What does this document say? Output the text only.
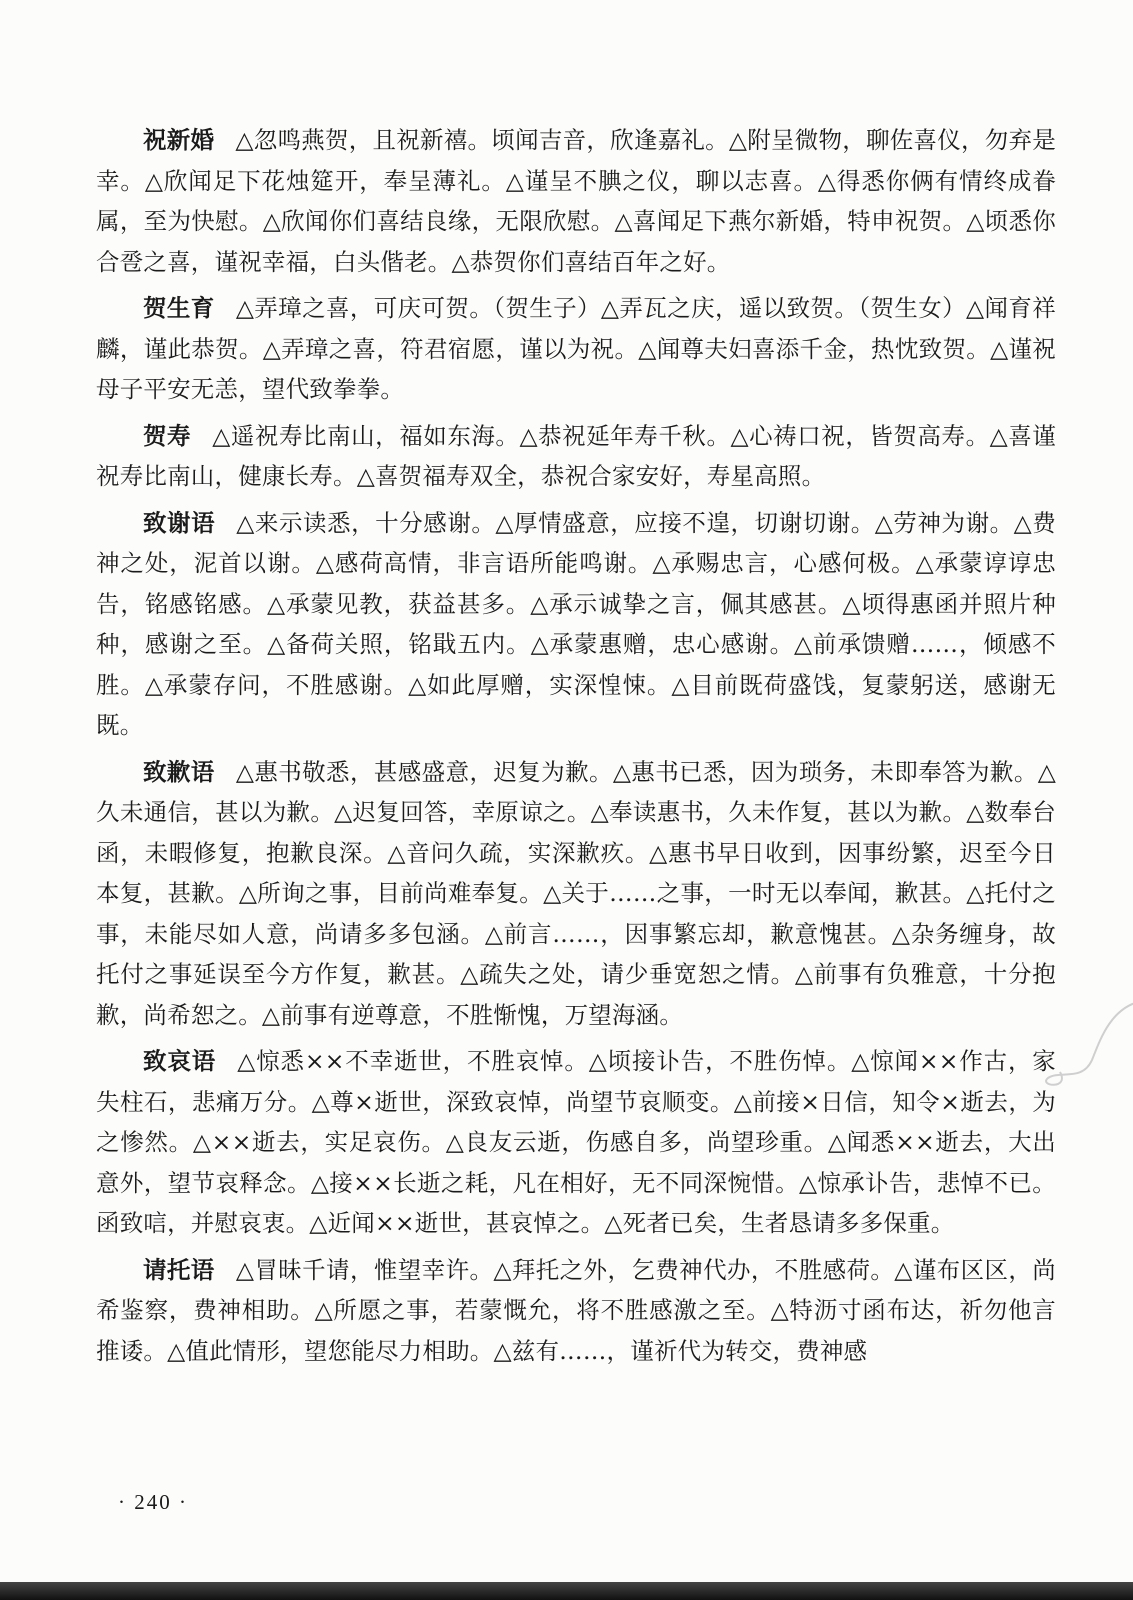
祝新婚 △忽鸣燕贺，且祝新禧。顷闻吉音，欣逢嘉礼。△附呈微物，聊佐喜仪，勿弃是幸。△欣闻足下花烛筵开，奉呈薄礼。△谨呈不腆之仪，聊以志喜。△得悉你俩有情终成眷属，至为快慰。△欣闻你们喜结良缘，无限欣慰。△喜闻足下燕尔新婚，特申祝贺。△顷悉你合卺之喜，谨祝幸福，白头偕老。△恭贺你们喜结百年之好。

贺生育 △弄璋之喜，可庆可贺。（贺生子）△弄瓦之庆，遥以致贺。（贺生女）△闻育祥麟，谨此恭贺。△弄璋之喜，符君宿愿，谨以为祝。△闻尊夫妇喜添千金，热忱致贺。△谨祝母子平安无恙，望代致拳拳。

贺寿 △遥祝寿比南山，福如东海。△恭祝延年寿千秋。△心祷口祝，皆贺高寿。△喜谨祝寿比南山，健康长寿。△喜贺福寿双全，恭祝合家安好，寿星高照。

致谢语 △来示读悉，十分感谢。△厚情盛意，应接不遑，切谢切谢。△劳神为谢。△费神之处，泥首以谢。△感荷高情，非言语所能鸣谢。△承赐忠言，心感何极。△承蒙谆谆忠告，铭感铭感。△承蒙见教，获益甚多。△承示诚挚之言，佩其感甚。△顷得惠函并照片种种，感谢之至。△备荷关照，铭戢五内。△承蒙惠赠，忠心感谢。△前承馈赠……，倾感不胜。△承蒙存问，不胜感谢。△如此厚赠，实深惶悚。△目前既荷盛饯，复蒙躬送，感谢无既。

致歉语 △惠书敬悉，甚感盛意，迟复为歉。△惠书已悉，因为琐务，未即奉答为歉。△久未通信，甚以为歉。△迟复回答，幸原谅之。△奉读惠书，久未作复，甚以为歉。△数奉台函，未暇修复，抱歉良深。△音问久疏，实深歉疚。△惠书早日收到，因事纷繁，迟至今日本复，甚歉。△所询之事，目前尚难奉复。△关于……之事，一时无以奉闻，歉甚。△托付之事，未能尽如人意，尚请多多包涵。△前言……，因事繁忘却，歉意愧甚。△杂务缠身，故托付之事延误至今方作复，歉甚。△疏失之处，请少垂宽恕之情。△前事有负雅意，十分抱歉，尚希恕之。△前事有逆尊意，不胜惭愧，万望海涵。

致哀语 △惊悉××不幸逝世，不胜哀悼。△顷接讣告，不胜伤悼。△惊闻××作古，家失柱石，悲痛万分。△尊×逝世，深致哀悼，尚望节哀顺变。△前接×日信，知令×逝去，为之惨然。△××逝去，实足哀伤。△良友云逝，伤感自多，尚望珍重。△闻悉××逝去，大出意外，望节哀释念。△接××长逝之耗，凡在相好，无不同深惋惜。△惊承讣告，悲悼不已。函致唁，并慰哀衷。△近闻××逝世，甚哀悼之。△死者已矣，生者恳请多多保重。

请托语 △冒昧千请，惟望幸许。△拜托之外，乞费神代办，不胜感荷。△谨布区区，尚希鉴察，费神相助。△所愿之事，若蒙慨允，将不胜感激之至。△特沥寸函布达，祈勿他言推诿。△值此情形，望您能尽力相助。△兹有……，谨祈代为转交，费神感

· 240 ·
